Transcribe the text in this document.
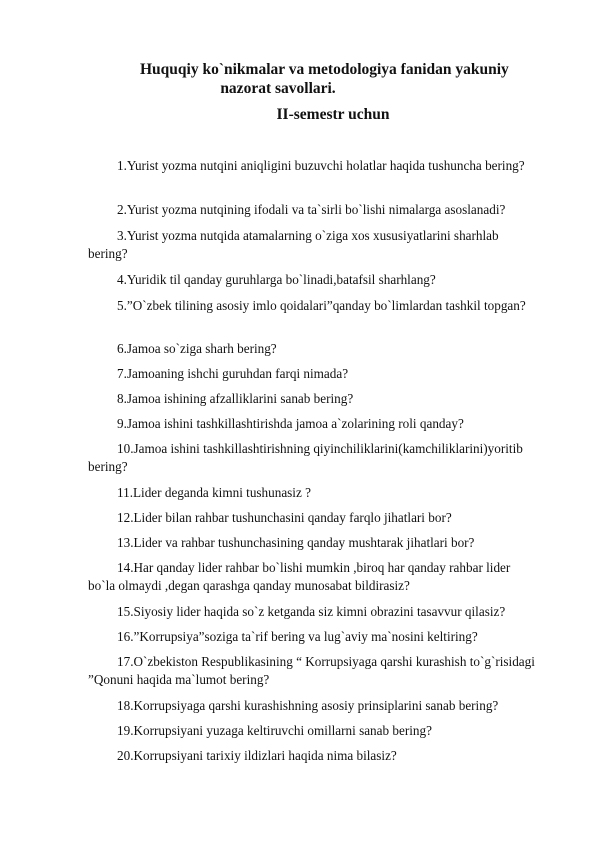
Huquqiy ko`nikmalar va metodologiya fanidan yakuniy
nazorat savollari.
II-semestr uchun

1.Yurist yozma nutqini aniqligini buzuvchi holatlar haqida tushuncha bering?

2.Yurist yozma nutqining ifodali va ta`sirli bo`lishi nimalarga asoslanadi?

3.Yurist yozma nutqida atamalarning o`ziga xos xususiyatlarini sharhlab bering?

4.Yuridik til qanday guruhlarga bo`linadi,batafsil sharhlang?

5.”O`zbek tilining asosiy imlo qoidalari”qanday bo`limlardan tashkil topgan?

6.Jamoa so`ziga sharh bering?

7.Jamoaning ishchi guruhdan farqi nimada?

8.Jamoa ishining afzalliklarini sanab bering?

9.Jamoa ishini tashkillashtirishda jamoa a`zolarining roli qanday?

10.Jamoa ishini tashkillashtirishning qiyinchiliklarini(kamchiliklarini)yoritib bering?

11.Lider deganda kimni tushunasiz ?

12.Lider bilan rahbar tushunchasini qanday farqlo jihatlari bor?

13.Lider va rahbar tushunchasining qanday mushtarak jihatlari bor?

14.Har qanday lider rahbar bo`lishi mumkin ,biroq har qanday rahbar lider bo`la olmaydi ,degan qarashga qanday munosabat bildirasiz?

15.Siyosiy lider haqida so`z ketganda siz kimni obrazini tasavvur qilasiz?

16.”Korrupsiya”soziga ta`rif bering va lug`aviy ma`nosini keltiring?

17.O`zbekiston Respublikasining “ Korrupsiyaga qarshi kurashish to`g`risidagi ”Qonuni haqida ma`lumot bering?

18.Korrupsiyaga qarshi kurashishning asosiy prinsiplarini sanab bering?

19.Korrupsiyani yuzaga keltiruvchi omillarni sanab bering?

20.Korrupsiyani tarixiy ildizlari haqida nima bilasiz?
